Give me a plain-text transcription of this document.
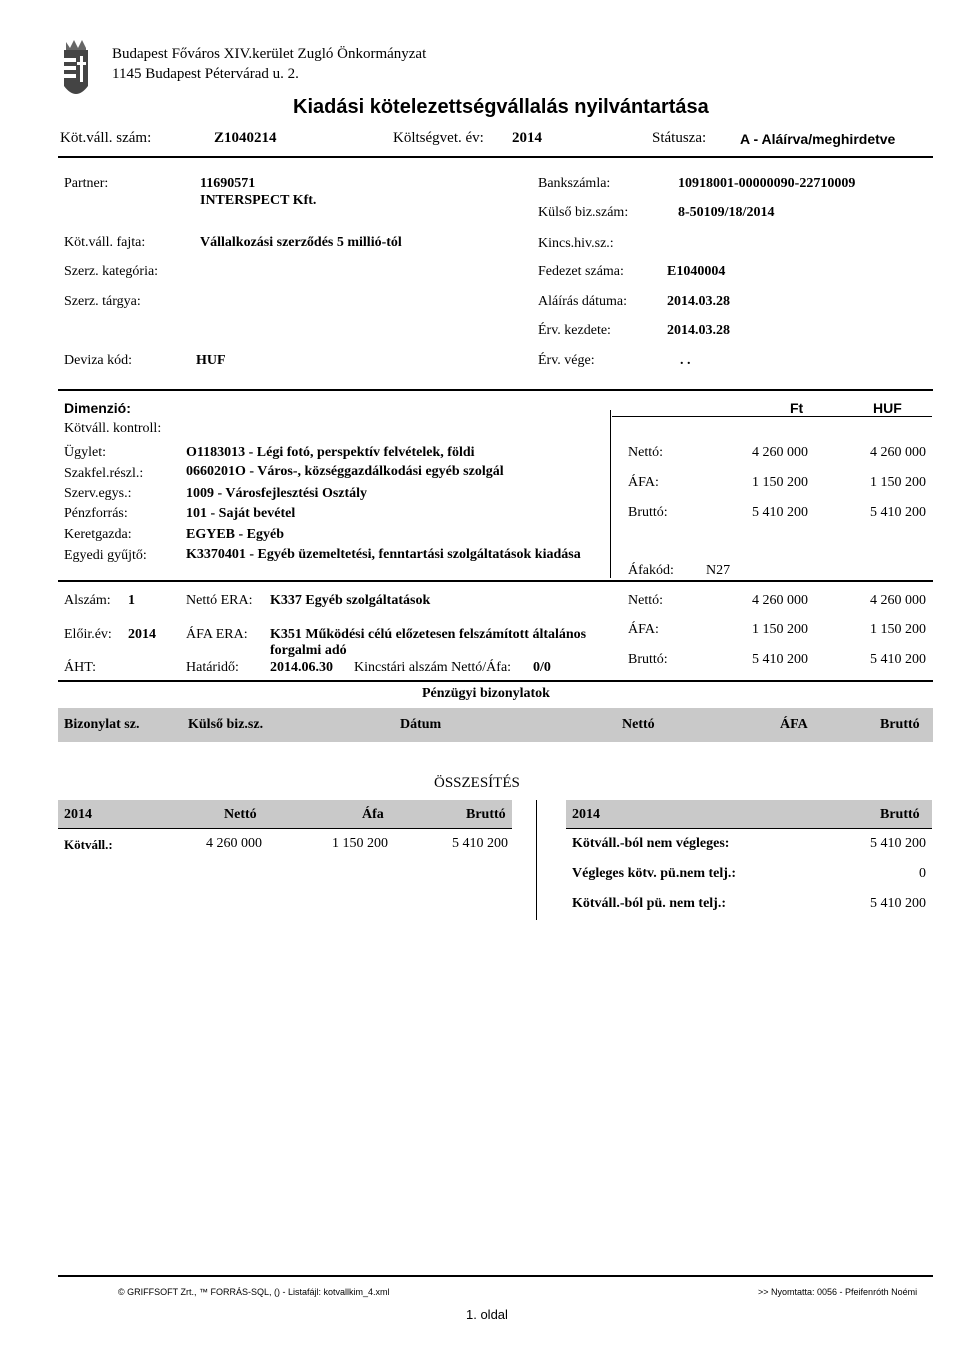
Budapest Főváros XIV.kerület Zugló Önkormányzat
1145 Budapest Pétervárad u. 2.
Kiadási kötelezettségvállalás nyilvántartása
Köt.váll. szám:	Z1040214	Költségvet. év: 2014	Státusza: A - Aláírva/meghirdetve
Partner:	11690571
INTERSPECT Kft.
Bankszámla:	10918001-00000090-22710009
Külső biz.szám:	8-50109/18/2014
Köt.váll. fajta:	Vállalkozási szerződés 5 millió-tól	Kincs.hiv.sz.:
Szerz. kategória:	Fedezet száma:	E1040004
Szerz. tárgya:	Aláírás dátuma:	2014.03.28
Érv. kezdete:	2014.03.28
Deviza kód:	HUF	Érv. vége:	. .
Dimenzió:	Ft	HUF
Kötváll. kontroll:
Ügylet:	O1183013 - Légi fotó, perspektív felvételek, földi
Szakfel.részl.:	0660201O - Város-, községgazdálkodási egyéb szolgál
Szerv.egys.:	1009 - Városfejlesztési Osztály
Pénzforrás:	101 - Saját bevétel
Keretgazda:	EGYEB - Egyéb
Egyedi gyűjtő:	K3370401 - Egyéb üzemeltetési, fenntartási szolgáltatások kiadása
Nettó:	4 260 000	4 260 000
ÁFA:	1 150 200	1 150 200
Bruttó:	5 410 200	5 410 200
Áfakód: N27
Alszám: 1	Nettó ERA: K337 Egyéb szolgáltatások
Előir.év: 2014 ÁFA ERA: K351 Működési célú előzetesen felszámított általános
forgalmi adó
ÁHT:	Határidő: 2014.06.30 Kincstári alszám Nettó/Áfa: 0/0
Nettó:	4 260 000	4 260 000
ÁFA:	1 150 200	1 150 200
Bruttó:	5 410 200	5 410 200
Pénzügyi bizonylatok
Bizonylat sz.	Külső biz.sz.	Dátum	Nettó	ÁFA	Bruttó
ÖSSZESÍTÉS
2014	Nettó	Áfa	Bruttó
Kötváll.:	4 260 000	1 150 200	5 410 200
2014	Bruttó
Kötváll.-ból nem végleges:	5 410 200
Végleges kötv. pü.nem telj.:	0
Kötváll.-ból pü. nem telj.:	5 410 200
© GRIFFSOFT Zrt., ™ FORRÁS-SQL, () - Listafájl: kotvallkim_4.xml	>> Nyomtatta: 0056 - Pfeifenróth Noémi
1. oldal
